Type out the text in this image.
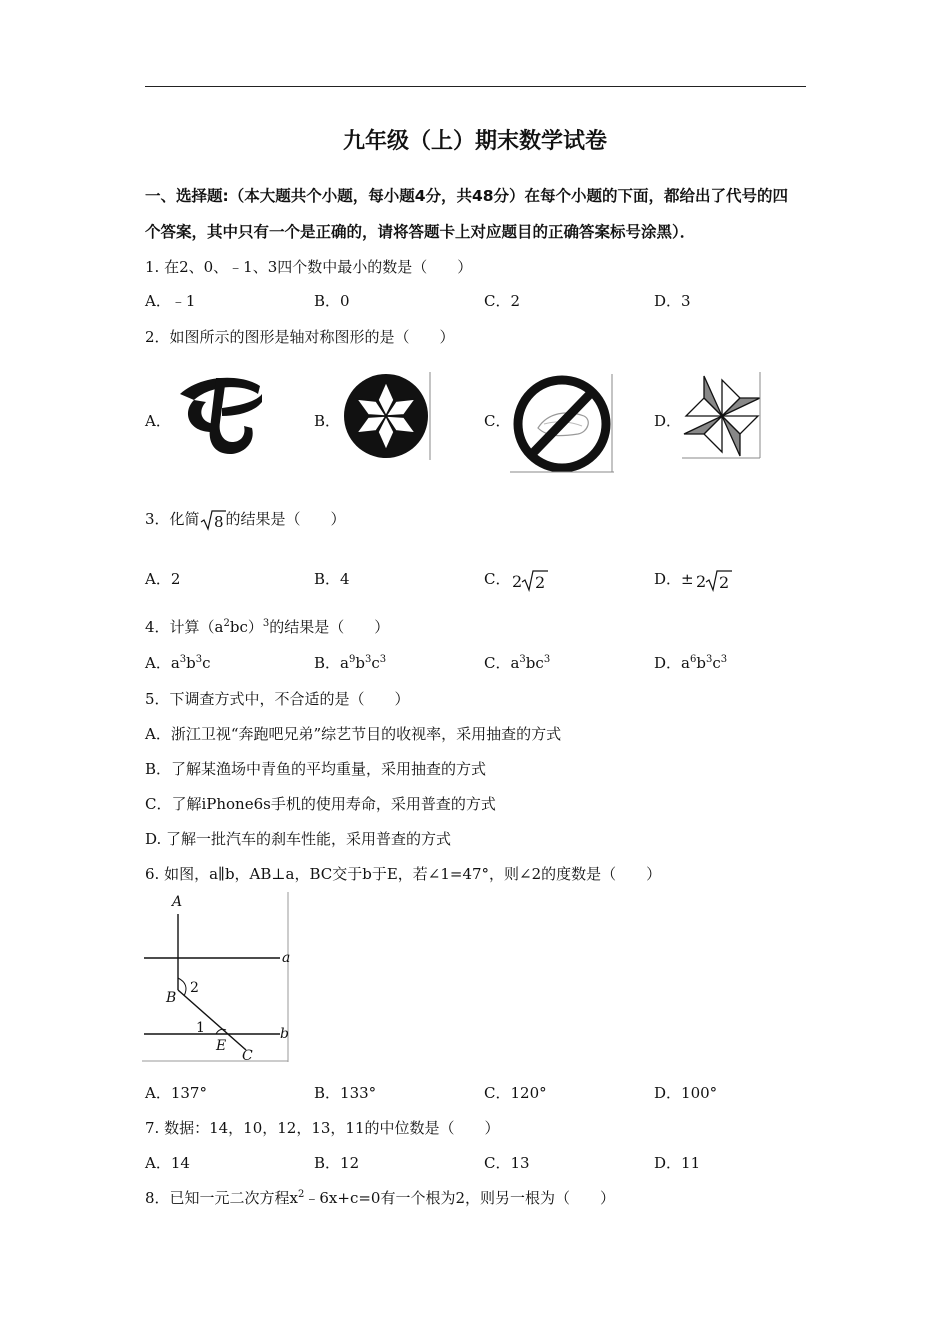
九年级（上）期末数学试卷
一、选择题:（本大题共个小题，每小题4分，共48分）在每个小题的下面，都给出了代号的四
个答案，其中只有一个是正确的，请将答题卡上对应题目的正确答案标号涂黑）．
1. 在2、0、﹣1、3四个数中最小的数是（　　）
A．﹣1	B．0	C．2	D．3
2．如图所示的图形是轴对称图形的是（　　）
A．	B．	C．	D．
3．化简 8 的结果是（　　）
A．2	B．4	C． 2 2	D．± 2 2
4．计算$(a^2bc)^3$的结果是（　　）
A．$a^3b^3c$	B．$a^9b^3c^3$	C．$a^3bc^3$	D．$a^6b^3c^3$
5．下调查方式中，不合适的是（　　）
A．浙江卫视“奔跑吧兄弟”综艺节目的收视率，采用抽查的方式
B．了解某渔场中青鱼的平均重量，采用抽查的方式
C．了解iPhone6s手机的使用寿命，采用普查的方式
D. 了解一批汽车的刹车性能，采用普查的方式
6. 如图，a∥b，AB⊥a，BC交于b于E，若∠1=47°，则∠2的度数是（　　）
A
a
B
2
1	b
E
C
A．137°	B．133°	C．120°	D．100°
7. 数据：14，10，12，13，11的中位数是（　　）
A．14	B．12	C．13	D．11
8．已知一元二次方程$x^2﹣6x+c=0$有一个根为2，则另一根为（　　）
